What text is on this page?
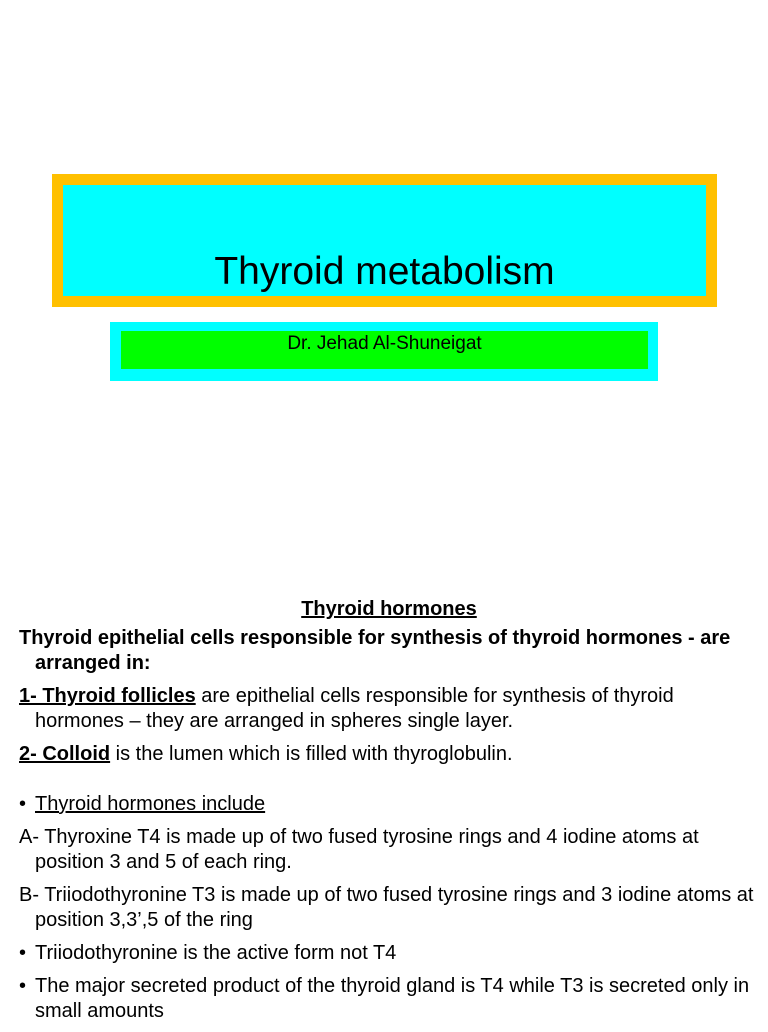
Thyroid metabolism
Dr. Jehad Al-Shuneigat
Thyroid hormones
Thyroid epithelial cells responsible for synthesis of thyroid hormones - are arranged in:
1- Thyroid follicles are epithelial cells responsible for synthesis of thyroid hormones – they are arranged in spheres single layer.
2- Colloid is the lumen which is filled with thyroglobulin.
• Thyroid hormones include
A- Thyroxine T4 is made up of two fused tyrosine rings and 4 iodine atoms at position 3 and 5 of each ring.
B- Triiodothyronine T3 is made up of two fused tyrosine rings and 3 iodine atoms at position 3,3’,5 of the ring
• Triiodothyronine is the active form not T4
• The major secreted product of the thyroid gland is T4 while T3 is secreted only in small amounts
